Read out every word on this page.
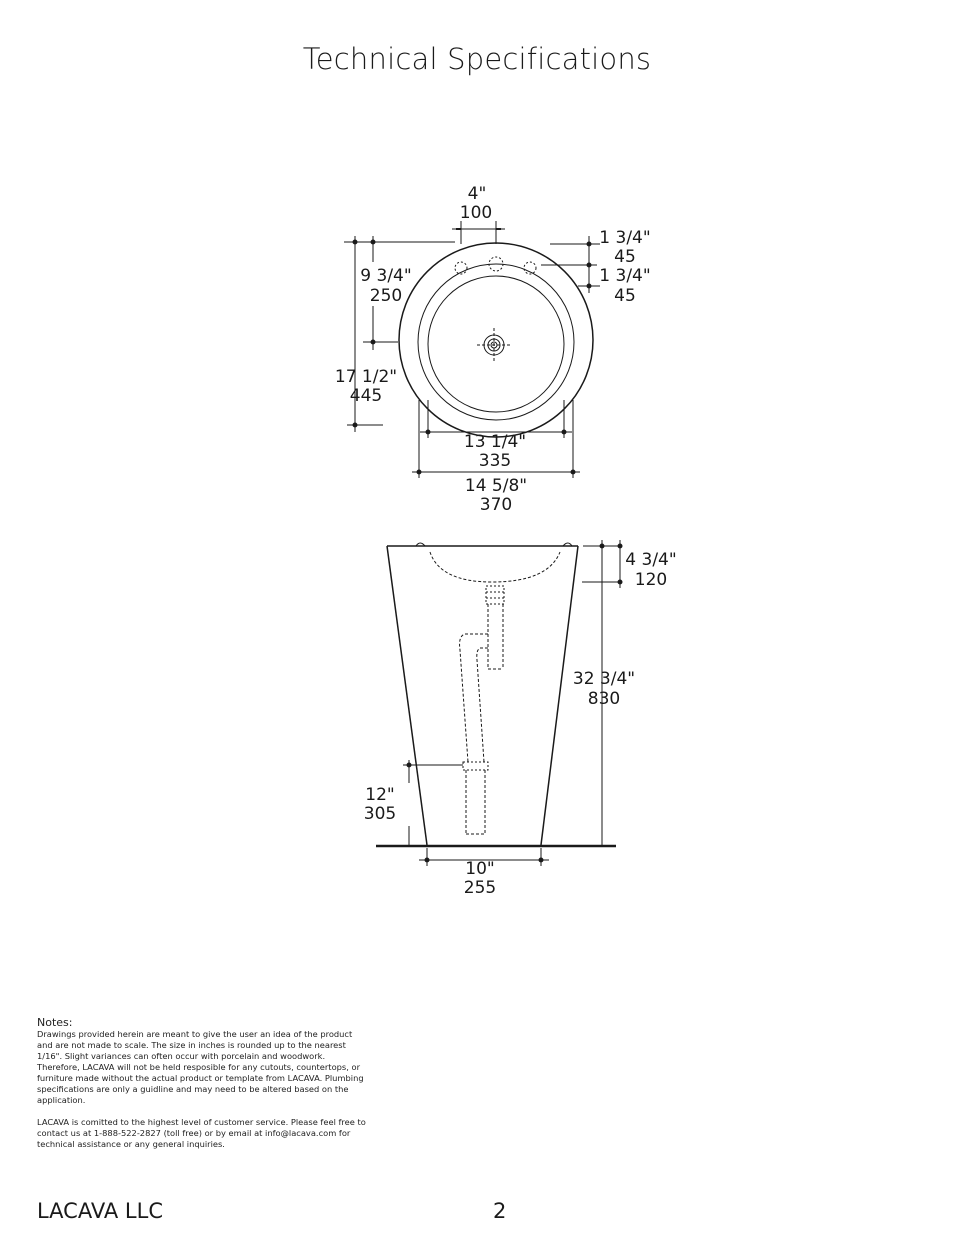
Technical Specifications
4"
100
1 3/4"
45
1 3/4"
45
9 3/4"
250
17 1/2"
445
13 1/4"
335
14 5/8"
370
4 3/4"
120
32 3/4"
830
12"
305
10"
255
Notes:

Drawings provided herein are meant to give the user an idea of the product and are not made to scale. The size in inches is rounded up to the nearest 1/16". Slight variances can often occur with porcelain and woodwork. Therefore, LACAVA will not be held resposible for any cutouts, countertops, or furniture made without the actual product or template from LACAVA. Plumbing specifications are only a guidline and may need to be altered based on the application.

LACAVA is comitted to the highest level of customer service. Please feel free to contact us at 1-888-522-2827 (toll free) or by email at info@lacava.com for technical assistance or any general inquiries.

LACAVA LLC	2
